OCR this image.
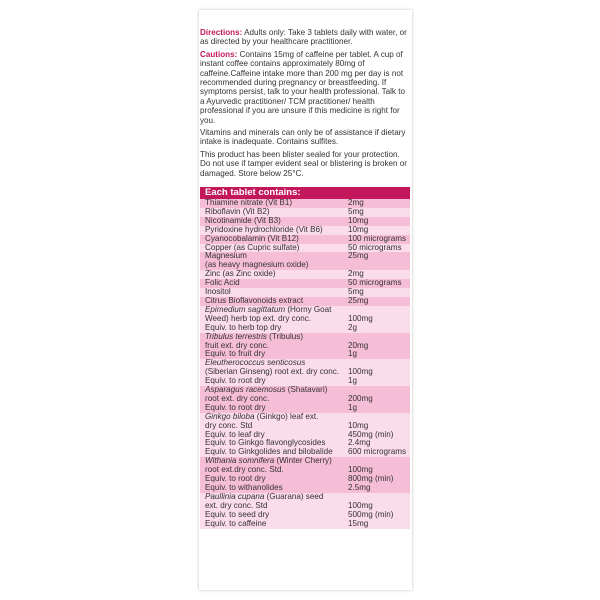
Directions: Adults only: Take 3 tablets daily with water, or as directed by your healthcare practitioner.

Cautions: Contains 15mg of caffeine per tablet. A cup of instant coffee contains approximately 80mg of caffeine.Caffeine intake more than 200 mg per day is not recommended during pregnancy or breastfeeding. If symptoms persist, talk to your health professional. Talk to a Ayurvedic practitioner/ TCM practitioner/ health professional if you are unsure if this medicine is right for you.

Vitamins and minerals can only be of assistance if dietary intake is inadequate. Contains sulfites.

This product has been blister sealed for your protection. Do not use if tamper evident seal or blistering is broken or damaged. Store below 25°C.

Each tablet contains:
Thiamine nitrate (Vit B1)	2mg
Riboflavin (Vit B2)	5mg
Nicotinamide (Vit B3)	10mg
Pyridoxine hydrochloride (Vit B6)	10mg
Cyanocobalamin (Vit B12)	100 micrograms
Copper (as Cupric sulfate)	50 micrograms
Magnesium	25mg
(as heavy magnesium oxide)
Zinc (as Zinc oxide)	2mg
Folic Acid	50 micrograms
Inositol	5mg
Citrus Bioflavonoids extract	25mg
Epimedium sagittatum (Horny Goat
Weed) herb top ext. dry conc.	100mg
Equiv. to herb top dry	2g
Tribulus terrestris (Tribulus)
fruit ext. dry conc.	20mg
Equiv. to fruit dry	1g
Eleutherococcus senticosus
(Siberian Ginseng) root ext. dry conc.	100mg
Equiv. to root dry	1g
Asparagus racemosus (Shatavari)
root ext. dry conc.	200mg
Equiv. to root dry	1g
Ginkgo biloba (Ginkgo) leaf ext.
dry conc. Std	10mg
Equiv. to leaf dry	450mg (min)
Equiv. to Ginkgo flavonglycosides	2.4mg
Equiv. to Ginkgolides and bilobalide	600 micrograms
Withania somnifera (Winter Cherry)
root ext.dry conc. Std.	100mg
Equiv. to root dry	800mg (min)
Equiv. to withanolides	2.5mg
Paullinia cupana (Guarana) seed
ext. dry conc. Std	100mg
Equiv. to seed dry	500mg (min)
Equiv. to caffeine	15mg
